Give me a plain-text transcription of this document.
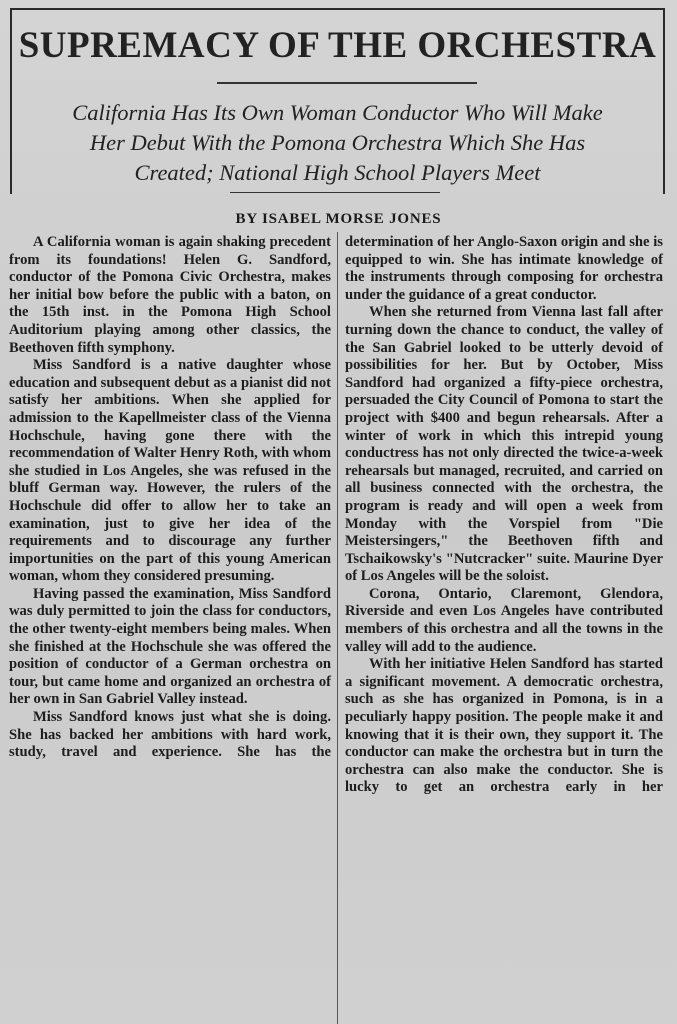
SUPREMACY OF THE ORCHESTRA
California Has Its Own Woman Conductor Who Will Make
Her Debut With the Pomona Orchestra Which She Has
Created; National High School Players Meet
BY ISABEL MORSE JONES

A California woman is again shaking precedent from its foundations! Helen G. Sandford, conductor of the Pomona Civic Orchestra, makes her initial bow before the public with a baton, on the 15th inst. in the Pomona High School Auditorium playing among other classics, the Beethoven fifth symphony.

Miss Sandford is a native daughter whose education and subsequent debut as a pianist did not satisfy her ambitions. When she applied for admission to the Kapellmeister class of the Vienna Hochschule, having gone there with the recommendation of Walter Henry Roth, with whom she studied in Los Angeles, she was refused in the bluff German way. However, the rulers of the Hochschule did offer to allow her to take an examination, just to give her idea of the requirements and to discourage any further importunities on the part of this young American woman, whom they considered presuming.

Having passed the examination, Miss Sandford was duly permitted to join the class for conductors, the other twenty-eight members being males. When she finished at the Hochschule she was offered the position of conductor of a German orchestra on tour, but came home and organized an orchestra of her own in San Gabriel Valley instead.

Miss Sandford knows just what she is doing. She has backed her ambitions with hard work, study, travel and experience. She has the

determination of her Anglo-Saxon origin and she is equipped to win. She has intimate knowledge of the instruments through composing for orchestra under the guidance of a great conductor.

When she returned from Vienna last fall after turning down the chance to conduct, the valley of the San Gabriel looked to be utterly devoid of possibilities for her. But by October, Miss Sandford had organized a fifty-piece orchestra, persuaded the City Council of Pomona to start the project with $400 and begun rehearsals. After a winter of work in which this intrepid young conductress has not only directed the twice-a-week rehearsals but managed, recruited, and carried on all business connected with the orchestra, the program is ready and will open a week from Monday with the Vorspiel from "Die Meistersingers," the Beethoven fifth and Tschaikowsky's "Nutcracker" suite. Maurine Dyer of Los Angeles will be the soloist.

Corona, Ontario, Claremont, Glendora, Riverside and even Los Angeles have contributed members of this orchestra and all the towns in the valley will add to the audience.

With her initiative Helen Sandford has started a significant movement. A democratic orchestra, such as she has organized in Pomona, is in a peculiarly happy position. The people make it and knowing that it is their own, they support it. The conductor can make the orchestra but in turn the orchestra can also make the conductor. She is lucky to get an orchestra early in her
